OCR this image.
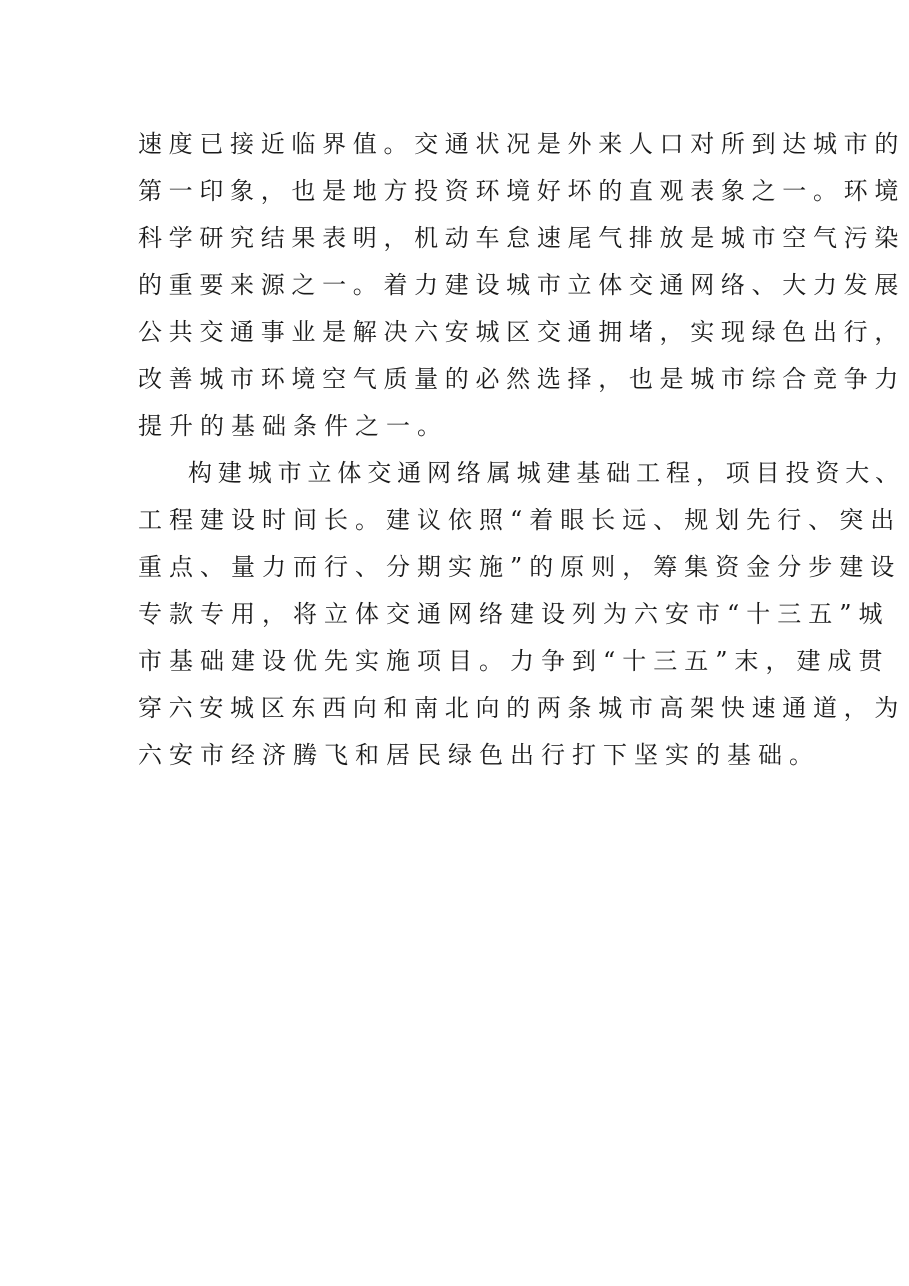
速度已接近临界值。交通状况是外来人口对所到达城市的
第一印象，也是地方投资环境好坏的直观表象之一。环境
科学研究结果表明，机动车怠速尾气排放是城市空气污染
的重要来源之一。着力建设城市立体交通网络、大力发展
公共交通事业是解决六安城区交通拥堵，实现绿色出行，
改善城市环境空气质量的必然选择，也是城市综合竞争力
提升的基础条件之一。
构建城市立体交通网络属城建基础工程，项目投资大、
工程建设时间长。建议依照“着眼长远、规划先行、突出
重点、量力而行、分期实施”的原则，筹集资金分步建设
专款专用，将立体交通网络建设列为六安市“十三五”城
市基础建设优先实施项目。力争到“十三五”末，建成贯
穿六安城区东西向和南北向的两条城市高架快速通道，为
六安市经济腾飞和居民绿色出行打下坚实的基础。
